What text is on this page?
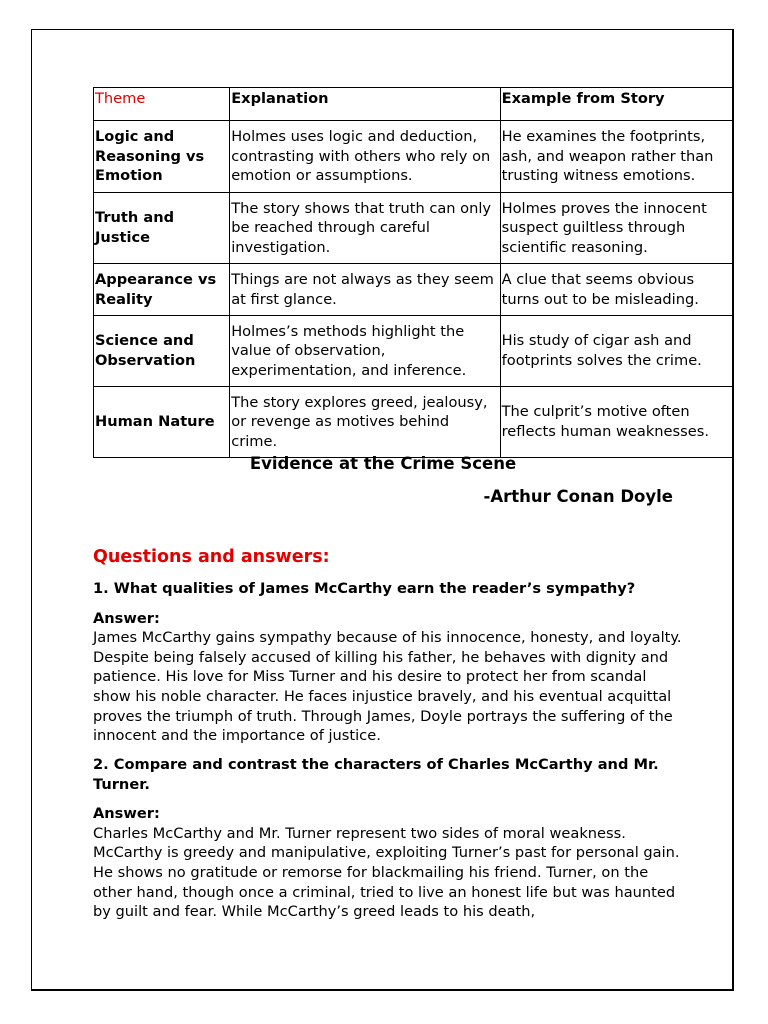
Theme	Explanation	Example from Story
Logic and Reasoning vs Emotion	Holmes uses logic and deduction, contrasting with others who rely on emotion or assumptions.	He examines the footprints, ash, and weapon rather than trusting witness emotions.
Truth and Justice	The story shows that truth can only be reached through careful investigation.	Holmes proves the innocent suspect guiltless through scientific reasoning.
Appearance vs Reality	Things are not always as they seem at first glance.	A clue that seems obvious turns out to be misleading.
Science and Observation	Holmes’s methods highlight the value of observation, experimentation, and inference.	His study of cigar ash and footprints solves the crime.
Human Nature	The story explores greed, jealousy, or revenge as motives behind crime.	The culprit’s motive often reflects human weaknesses.
Evidence at the Crime Scene
-Arthur Conan Doyle
Questions and answers:
1. What qualities of James McCarthy earn the reader’s sympathy?
Answer:
James McCarthy gains sympathy because of his innocence, honesty, and loyalty. Despite being falsely accused of killing his father, he behaves with dignity and patience. His love for Miss Turner and his desire to protect her from scandal show his noble character. He faces injustice bravely, and his eventual acquittal proves the triumph of truth. Through James, Doyle portrays the suffering of the innocent and the importance of justice.
2. Compare and contrast the characters of Charles McCarthy and Mr. Turner.
Answer:
Charles McCarthy and Mr. Turner represent two sides of moral weakness. McCarthy is greedy and manipulative, exploiting Turner’s past for personal gain. He shows no gratitude or remorse for blackmailing his friend. Turner, on the other hand, though once a criminal, tried to live an honest life but was haunted by guilt and fear. While McCarthy’s greed leads to his death,
